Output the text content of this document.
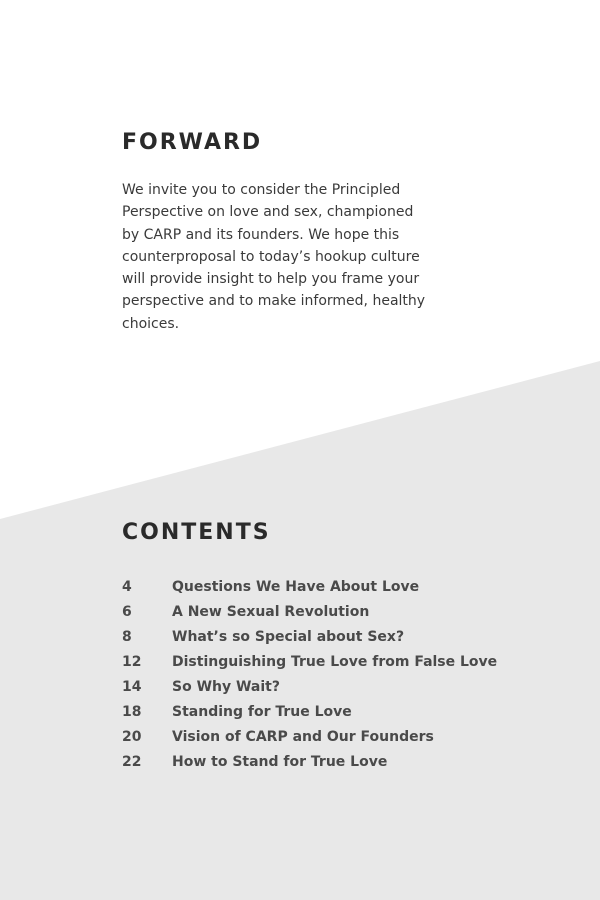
FORWARD

We invite you to consider the Principled Perspective on love and sex, championed by CARP and its founders. We hope this counterproposal to today’s hookup culture will provide insight to help you frame your perspective and to make informed, healthy choices.

CONTENTS
4	Questions We Have About Love
6	A New Sexual Revolution
8	What’s so Special about Sex?
12	Distinguishing True Love from False Love
14	So Why Wait?
18	Standing for True Love
20	Vision of CARP and Our Founders
22	How to Stand for True Love
